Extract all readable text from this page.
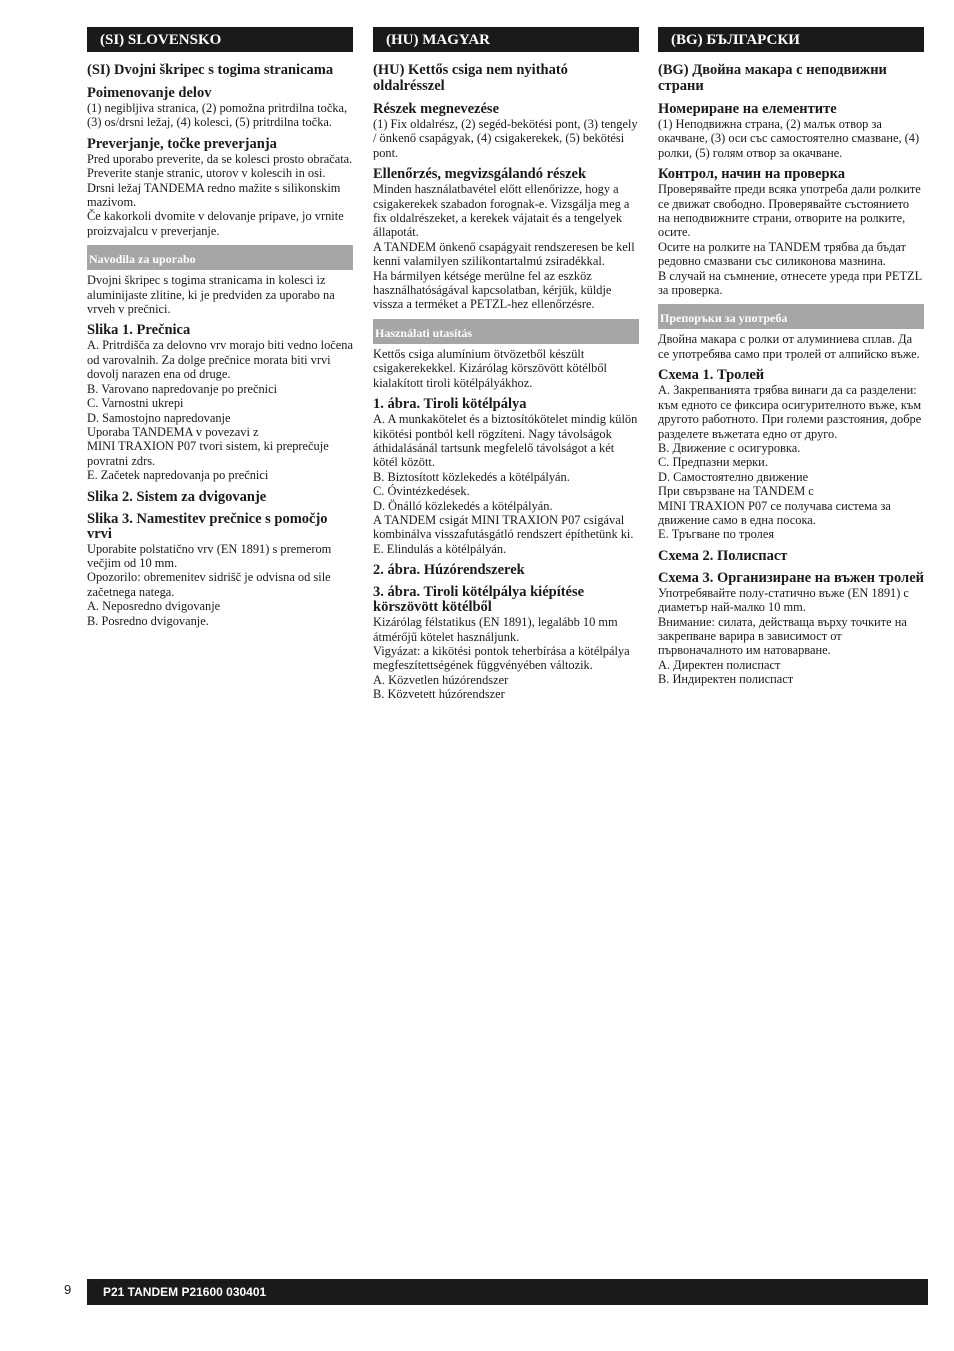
(SI) SLOVENSKO
(SI) Dvojni škripec s togima stranicama
Poimenovanje delov
(1) negibljiva stranica, (2) pomožna pritrdilna točka, (3) os/drsni ležaj, (4) kolesci, (5) pritrdilna točka.
Preverjanje, točke preverjanja
Pred uporabo preverite, da se kolesci prosto obračata. Preverite stanje stranic, utorov v kolescih in osi.
Drsni ležaj TANDEMA redno mažite s silikonskim mazivom.
Če kakorkoli dvomite v delovanje pripave, jo vrnite proizvajalcu v preverjanje.
Navodila za uporabo
Dvojni škripec s togima stranicama in kolesci iz aluminijaste zlitine, ki je predviden za uporabo na vrveh v prečnici.
Slika 1. Prečnica
A. Pritrdišča za delovno vrv morajo biti vedno ločena od varovalnih. Za dolge prečnice morata biti vrvi dovolj narazen ena od druge.
B. Varovano napredovanje po prečnici
C. Varnostni ukrepi
D. Samostojno napredovanje
Uporaba TANDEMA v povezavi z
MINI TRAXION P07 tvori sistem, ki preprečuje povratni zdrs.
E. Začetek napredovanja po prečnici
Slika 2. Sistem za dvigovanje
Slika 3. Namestitev prečnice s pomočjo vrvi
Uporabite polstatično vrv (EN 1891) s premerom večjim od 10 mm.
Opozorilo: obremenitev sidrišč je odvisna od sile začetnega natega.
A. Neposredno dvigovanje
B. Posredno dvigovanje.
(HU) MAGYAR
(HU) Kettős csiga nem nyitható oldalrésszel
Részek megnevezése
(1) Fix oldalrész, (2) segéd-bekötési pont, (3) tengely / önkenő csapágyak, (4) csigakerekek, (5) bekötési pont.
Ellenőrzés, megvizsgálandó részek
Minden használatbavétel előtt ellenőrizze, hogy a csigakerekek szabadon forognak-e. Vizsgálja meg a fix oldalrészeket, a kerekek vájatait és a tengelyek állapotát.
A TANDEM önkenő csapágyait rendszeresen be kell kenni valamilyen szilikontartalmú zsiradékkal.
Ha bármilyen kétsége merülne fel az eszköz használhatóságával kapcsolatban, kérjük, küldje vissza a terméket a PETZL-hez ellenőrzésre.
Használati utasítás
Kettős csiga alumínium ötvözetből készült csigakerekekkel. Kizárólag körszövött kötélből kialakított tiroli kötélpályákhoz.
1. ábra. Tiroli kötélpálya
A. A munkakötelet és a biztosítókötelet mindig külön kikötési pontból kell rögzíteni. Nagy távolságok áthidalásánál tartsunk megfelelő távolságot a két kötél között.
B. Biztosított közlekedés a kötélpályán.
C. Óvintézkedések.
D. Önálló közlekedés a kötélpályán.
A TANDEM csigát MINI TRAXION P07 csigával kombinálva visszafutásgátló rendszert építhetünk ki.
E. Elindulás a kötélpályán.
2. ábra. Húzórendszerek
3. ábra. Tiroli kötélpálya kiépítése körszövött kötélből
Kizárólag félstatikus (EN 1891), legalább 10 mm átmérőjű kötelet használjunk.
Vigyázat: a kikötési pontok teherbírása a kötélpálya megfeszítettségének függvényében változik.
A. Közvetlen húzórendszer
B. Közvetett húzórendszer
(BG) БЪЛГАРСКИ
(BG) Двойна макара с неподвижни страни
Номериране на елементите
(1) Неподвижна страна, (2) малък отвор за окачване, (3) оси със самостоятелно смазване, (4) ролки, (5) голям отвор за окачване.
Контрол, начин на проверка
Проверявайте преди всяка употреба дали ролките се движат свободно. Проверявайте състоянието на неподвижните страни, отворите на ролките, осите.
Осите на ролките на TANDEM трябва да бъдат редовно смазвани със силиконова мазнина.
В случай на съмнение, отнесете уреда при PETZL за проверка.
Препоръки за употреба
Двойна макара с ролки от алуминиева сплав. Да се употребява само при тролей от алпийско въже.
Схема 1. Тролей
A. Закрепванията трябва винаги да са разделени: към едното се фиксира осигурителното въже, към другото работното. При големи разстояния, добре разделете въжетата едно от друго.
B. Движение с осигуровка.
C. Предпазни мерки.
D. Самостоятелно движение
При свързване на TANDEM с
MINI TRAXION P07 се получава система за движение само в една посока.
E. Тръгване по тролея
Схема 2. Полиспаст
Схема 3. Организиране на въжен тролей
Употребявайте полу-статично въже (EN 1891) с диаметър най-малко 10 mm.
Внимание: силата, действаща върху точките на закрепване варира в зависимост от първоначалното им натоварване.
A. Директен полиспаст
B. Индиректен полиспаст
9	P21 TANDEM P21600 030401
